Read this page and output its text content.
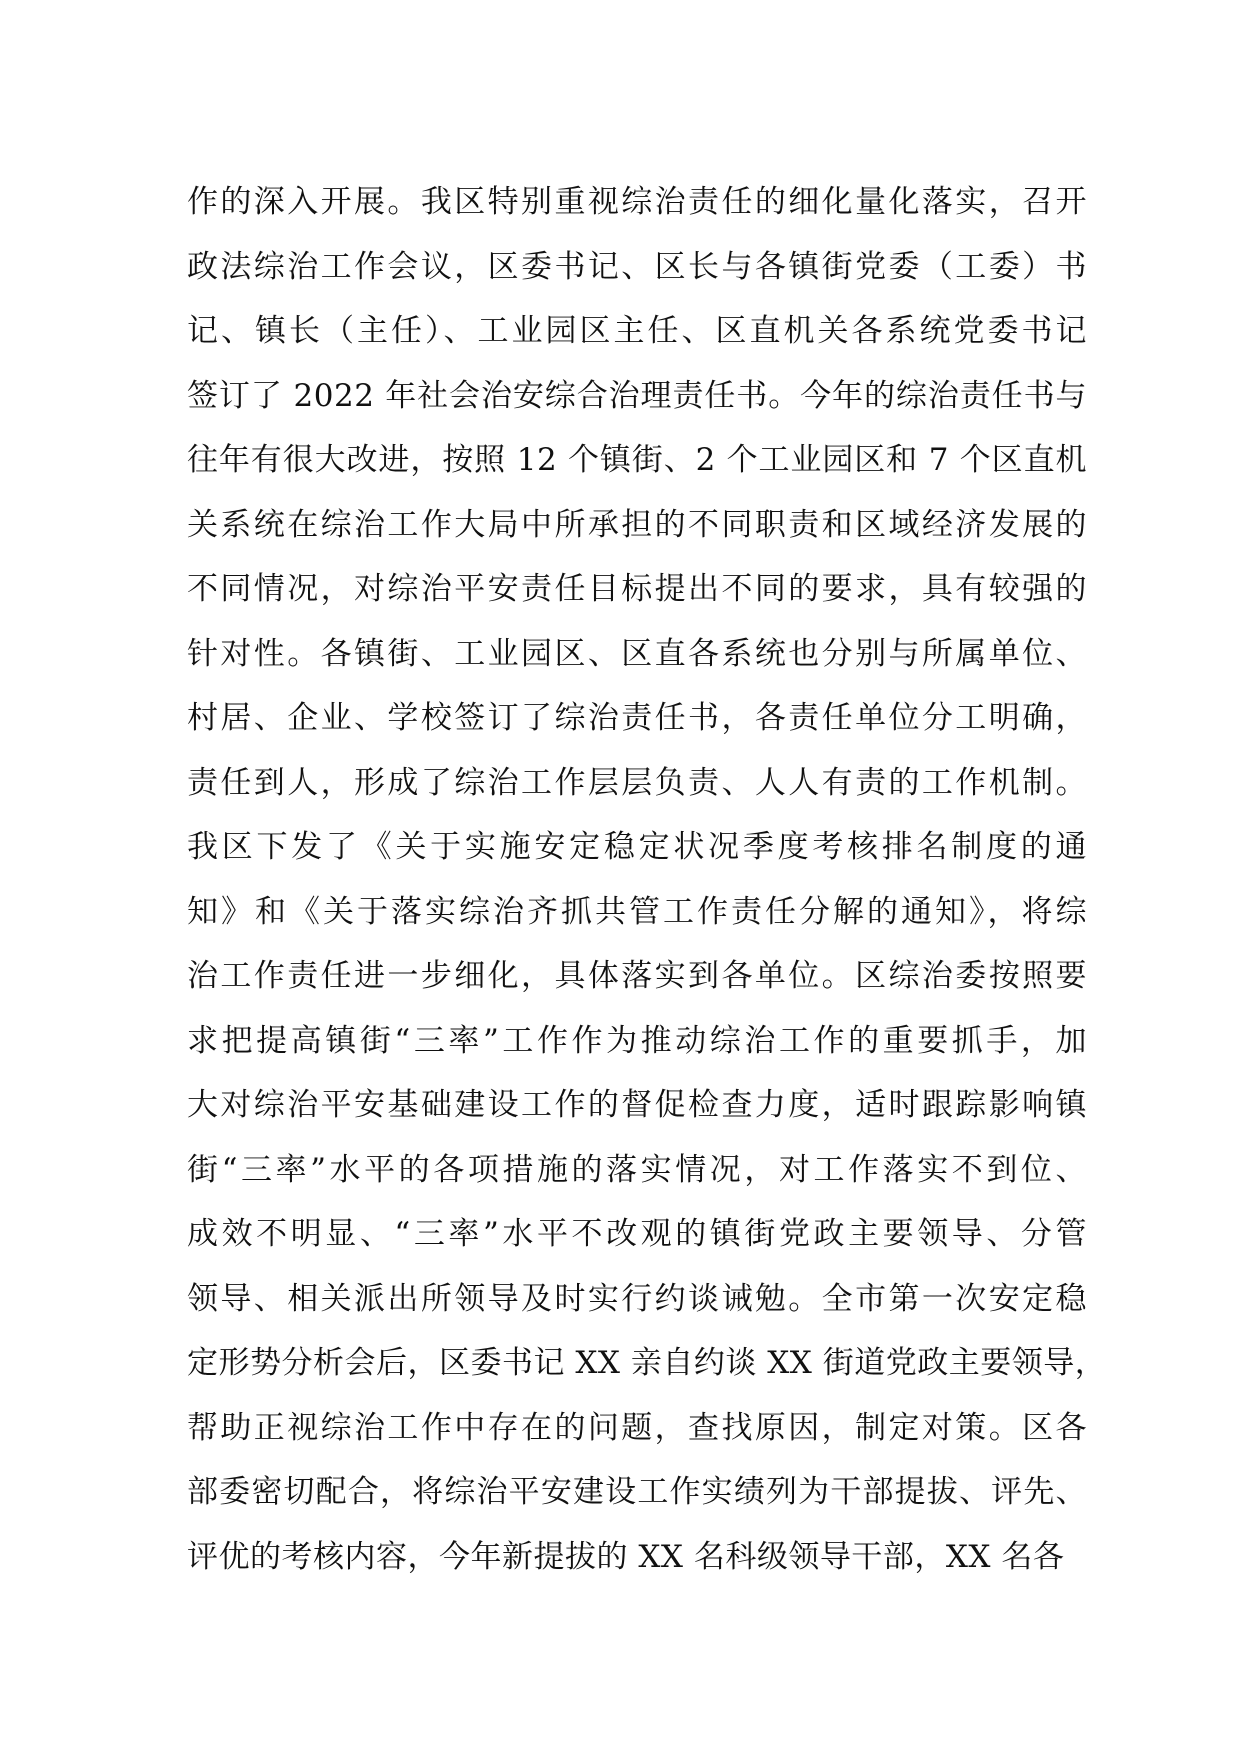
作的深入开展。我区特别重视综治责任的细化量化落实，召开
政法综治工作会议，区委书记、区长与各镇街党委（工委）书
记、镇长（主任）、工业园区主任、区直机关各系统党委书记
签订了 2022 年社会治安综合治理责任书。今年的综治责任书与
往年有很大改进，按照 12 个镇街、2 个工业园区和 7 个区直机
关系统在综治工作大局中所承担的不同职责和区域经济发展的
不同情况，对综治平安责任目标提出不同的要求，具有较强的
针对性。各镇街、工业园区、区直各系统也分别与所属单位、
村居、企业、学校签订了综治责任书，各责任单位分工明确，
责任到人，形成了综治工作层层负责、人人有责的工作机制。
我区下发了《关于实施安定稳定状况季度考核排名制度的通
知》和《关于落实综治齐抓共管工作责任分解的通知》，将综
治工作责任进一步细化，具体落实到各单位。区综治委按照要
求把提高镇街“三率”工作作为推动综治工作的重要抓手，加
大对综治平安基础建设工作的督促检查力度，适时跟踪影响镇
街“三率”水平的各项措施的落实情况，对工作落实不到位、
成效不明显、“三率”水平不改观的镇街党政主要领导、分管
领导、相关派出所领导及时实行约谈诫勉。全市第一次安定稳
定形势分析会后，区委书记 XX 亲自约谈 XX 街道党政主要领导，
帮助正视综治工作中存在的问题，查找原因，制定对策。区各
部委密切配合，将综治平安建设工作实绩列为干部提拔、评先、
评优的考核内容，今年新提拔的 XX 名科级领导干部，XX 名各
